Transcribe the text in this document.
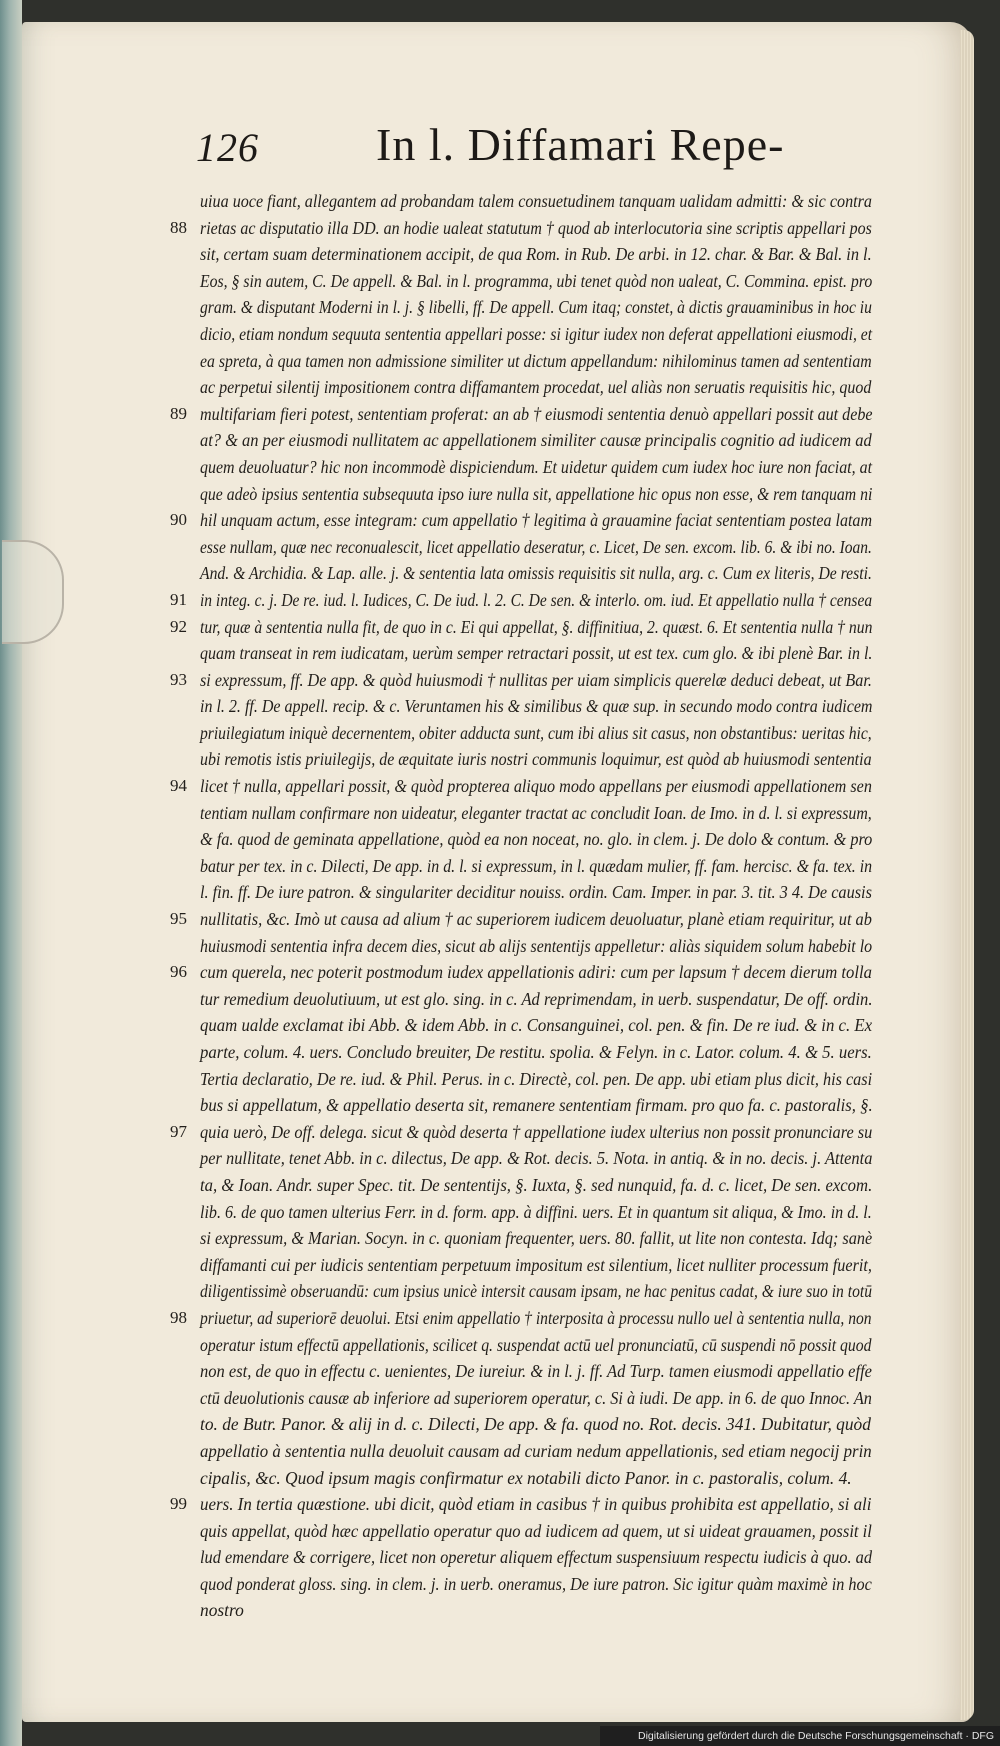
126	In l. Diffamari Repe-
uiua uoce fiant, allegantem ad probandam talem consuetudinem tanquam ualidam admitti: & sic contra
88 rietas ac disputatio illa DD. an hodie ualeat statutum † quod ab interlocutoria sine scriptis appellari pos
sit, certam suam determinationem accipit, de qua Rom. in Rub. De arbi. in 12. char. & Bar. & Bal. in l.
Eos, § sin autem, C. De appell. & Bal. in l. programma, ubi tenet quòd non ualeat, C. Commina. epist. pro
gram. & disputant Moderni in l. j. § libelli, ff. De appell. Cum itaq; constet, à dictis grauaminibus in hoc iu
dicio, etiam nondum sequuta sententia appellari posse: si igitur iudex non deferat appellationi eiusmodi, et
ea spreta, à qua tamen non admissione similiter ut dictum appellandum: nihilominus tamen ad sententiam
ac perpetui silentij impositionem contra diffamantem procedat, uel aliàs non seruatis requisitis hic, quod
89 multifariam fieri potest, sententiam proferat: an ab † eiusmodi sententia denuò appellari possit aut debe
at? & an per eiusmodi nullitatem ac appellationem similiter causæ principalis cognitio ad iudicem ad
quem deuoluatur? hic non incommodè dispiciendum. Et uidetur quidem cum iudex hoc iure non faciat, at
que adeò ipsius sententia subsequuta ipso iure nulla sit, appellatione hic opus non esse, & rem tanquam ni
90 hil unquam actum, esse integram: cum appellatio † legitima à grauamine faciat sententiam postea latam
esse nullam, quæ nec reconualescit, licet appellatio deseratur, c. Licet, De sen. excom. lib. 6. & ibi no. Ioan.
And. & Archidia. & Lap. alle. j. & sententia lata omissis requisitis sit nulla, arg. c. Cum ex literis, De resti.
91 in integ. c. j. De re. iud. l. Iudices, C. De iud. l. 2. C. De sen. & interlo. om. iud. Et appellatio nulla † censea
92 tur, quæ à sententia nulla fit, de quo in c. Ei qui appellat, §. diffinitiua, 2. quæst. 6. Et sententia nulla † nun
quam transeat in rem iudicatam, uerùm semper retractari possit, ut est tex. cum glo. & ibi plenè Bar. in l.
93 si expressum, ff. De app. & quòd huiusmodi † nullitas per uiam simplicis querelæ deduci debeat, ut Bar.
in l. 2. ff. De appell. recip. & c. Veruntamen his & similibus & quæ sup. in secundo modo contra iudicem
priuilegiatum iniquè decernentem, obiter adducta sunt, cum ibi alius sit casus, non obstantibus: ueritas hic,
ubi remotis istis priuilegijs, de æquitate iuris nostri communis loquimur, est quòd ab huiusmodi sententia
94 licet † nulla, appellari possit, & quòd propterea aliquo modo appellans per eiusmodi appellationem sen
tentiam nullam confirmare non uideatur, eleganter tractat ac concludit Ioan. de Imo. in d. l. si expressum,
& fa. quod de geminata appellatione, quòd ea non noceat, no. glo. in clem. j. De dolo & contum. & pro
batur per tex. in c. Dilecti, De app. in d. l. si expressum, in l. quædam mulier, ff. fam. hercisc. & fa. tex. in
l. fin. ff. De iure patron. & singulariter deciditur nouiss. ordin. Cam. Imper. in par. 3. tit. 3 4. De causis
95 nullitatis, &c. Imò ut causa ad alium † ac superiorem iudicem deuoluatur, planè etiam requiritur, ut ab
huiusmodi sententia infra decem dies, sicut ab alijs sententijs appelletur: aliàs siquidem solum habebit lo
96 cum querela, nec poterit postmodum iudex appellationis adiri: cum per lapsum † decem dierum tolla
tur remedium deuolutiuum, ut est glo. sing. in c. Ad reprimendam, in uerb. suspendatur, De off. ordin.
quam ualde exclamat ibi Abb. & idem Abb. in c. Consanguinei, col. pen. & fin. De re iud. & in c. Ex
parte, colum. 4. uers. Concludo breuiter, De restitu. spolia. & Felyn. in c. Lator. colum. 4. & 5. uers.
Tertia declaratio, De re. iud. & Phil. Perus. in c. Directè, col. pen. De app. ubi etiam plus dicit, his casi
bus si appellatum, & appellatio deserta sit, remanere sententiam firmam. pro quo fa. c. pastoralis, §.
97 quia uerò, De off. delega. sicut & quòd deserta † appellatione iudex ulterius non possit pronunciare su
per nullitate, tenet Abb. in c. dilectus, De app. & Rot. decis. 5. Nota. in antiq. & in no. decis. j. Attenta
ta, & Ioan. Andr. super Spec. tit. De sententijs, §. Iuxta, §. sed nunquid, fa. d. c. licet, De sen. excom.
lib. 6. de quo tamen ulterius Ferr. in d. form. app. à diffini. uers. Et in quantum sit aliqua, & Imo. in d. l.
si expressum, & Marian. Socyn. in c. quoniam frequenter, uers. 80. fallit, ut lite non contesta. Idq; sanè
diffamanti cui per iudicis sententiam perpetuum impositum est silentium, licet nulliter processum fuerit,
diligentissimè obseruandū: cum ipsius unicè intersit causam ipsam, ne hac penitus cadat, & iure suo in totū
98 priuetur, ad superiorē deuolui. Etsi enim appellatio † interposita à processu nullo uel à sententia nulla, non
operatur istum effectū appellationis, scilicet q. suspendat actū uel pronunciatū, cū suspendi nō possit quod
non est, de quo in effectu c. uenientes, De iureiur. & in l. j. ff. Ad Turp. tamen eiusmodi appellatio effe
ctū deuolutionis causæ ab inferiore ad superiorem operatur, c. Si à iudi. De app. in 6. de quo Innoc. An
to. de Butr. Panor. & alij in d. c. Dilecti, De app. & fa. quod no. Rot. decis. 341. Dubitatur, quòd
appellatio à sententia nulla deuoluit causam ad curiam nedum appellationis, sed etiam negocij prin
cipalis, &c. Quod ipsum magis confirmatur ex notabili dicto Panor. in c. pastoralis, colum. 4.
99 uers. In tertia quæstione. ubi dicit, quòd etiam in casibus † in quibus prohibita est appellatio, si ali
quis appellat, quòd hæc appellatio operatur quo ad iudicem ad quem, ut si uideat grauamen, possit il
lud emendare & corrigere, licet non operetur aliquem effectum suspensiuum respectu iudicis à quo. ad
quod ponderat gloss. sing. in clem. j. in uerb. oneramus, De iure patron. Sic igitur quàm maximè in hoc
nostro
Digitalisierung gefördert durch die Deutsche Forschungsgemeinschaft · DFG
